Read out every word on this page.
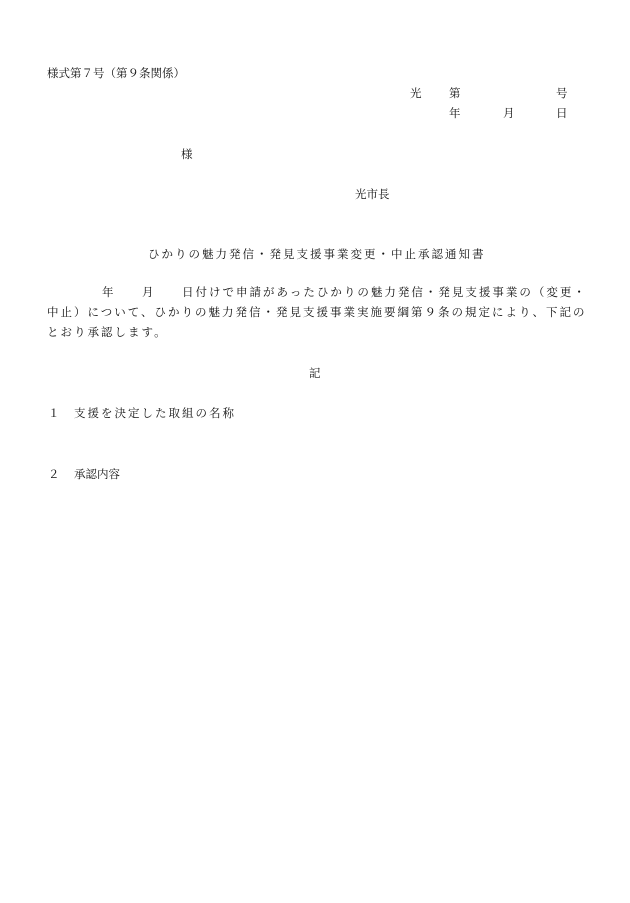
様式第７号（第９条関係）
光 第	号
年	月	日
様
光市長
ひかりの魅力発信・発見支援事業変更・中止承認通知書
年 月 日付けで申請があったひかりの魅力発信・発見支援事業の（変更・
中止）について、ひかりの魅力発信・発見支援事業実施要綱第９条の規定により、下記の
とおり承認します。
記
１ 支援を決定した取組の名称
２ 承認内容
